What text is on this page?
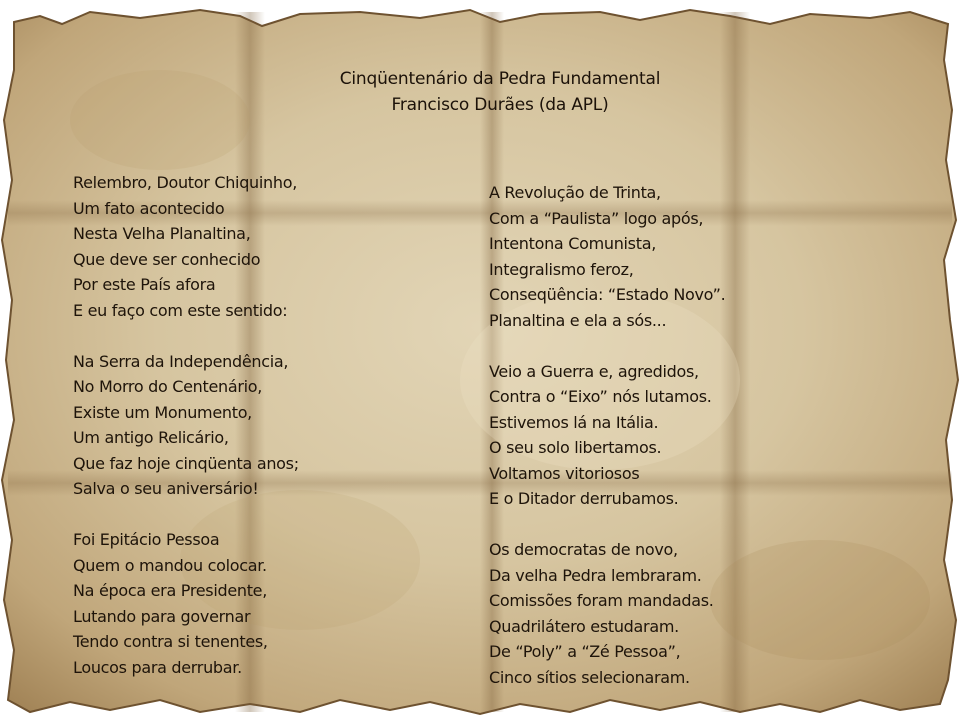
Cinqüentenário da Pedra Fundamental
Francisco Durães (da APL)
Relembro, Doutor Chiquinho,
Um fato acontecido
Nesta Velha Planaltina,
Que deve ser conhecido
Por este País afora
E eu faço com este sentido:
Na Serra da Independência,
No Morro do Centenário,
Existe um Monumento,
Um antigo Relicário,
Que faz hoje cinqüenta anos;
Salva o seu aniversário!
Foi Epitácio Pessoa
Quem o mandou colocar.
Na época era Presidente,
Lutando para governar
Tendo contra si tenentes,
Loucos para derrubar.
A Revolução de Trinta,
Com a “Paulista” logo após,
Intentona Comunista,
Integralismo feroz,
Conseqüência: “Estado Novo”.
Planaltina e ela a sós...
Veio a Guerra e, agredidos,
Contra o “Eixo” nós lutamos.
Estivemos lá na Itália.
O seu solo libertamos.
Voltamos vitoriosos
E o Ditador derrubamos.
Os democratas de novo,
Da velha Pedra lembraram.
Comissões foram mandadas.
Quadrilátero estudaram.
De “Poly” a “Zé Pessoa”,
Cinco sítios selecionaram.
